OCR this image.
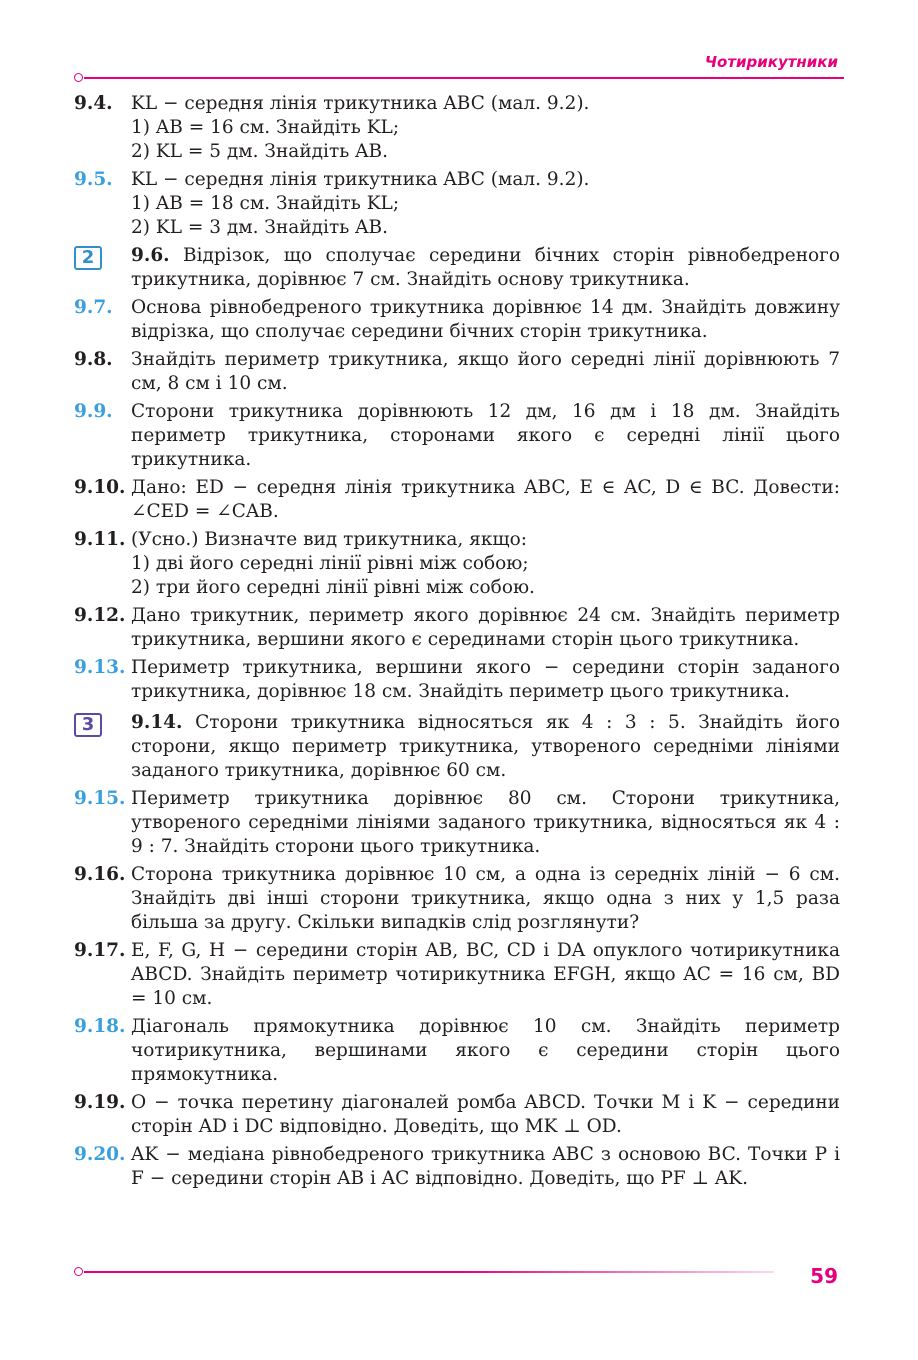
Чотирикутники
9.4. KL − середня лінія трикутника ABC (мал. 9.2).
1) AB = 16 см. Знайдіть KL;
2) KL = 5 дм. Знайдіть AB.
9.5. KL − середня лінія трикутника ABC (мал. 9.2).
1) AB = 18 см. Знайдіть KL;
2) KL = 3 дм. Знайдіть AB.
2	9.6. Відрізок, що сполучає середини бічних сторін рівнобедреного трикутника, дорівнює 7 см. Знайдіть основу трикутника.
9.7. Основа рівнобедреного трикутника дорівнює 14 дм. Знайдіть довжину відрізка, що сполучає середини бічних сторін трикутника.
9.8. Знайдіть периметр трикутника, якщо його середні лінії дорівнюють 7 см, 8 см і 10 см.
9.9. Сторони трикутника дорівнюють 12 дм, 16 дм і 18 дм. Знайдіть периметр трикутника, сторонами якого є середні лінії цього трикутника.
9.10. Дано: ED − середня лінія трикутника ABC, E ∈ AC, D ∈ BC. Довести: ∠CED = ∠CAB.
9.11. (Усно.) Визначте вид трикутника, якщо:
1) дві його середні лінії рівні між собою;
2) три його середні лінії рівні між собою.
9.12. Дано трикутник, периметр якого дорівнює 24 см. Знайдіть периметр трикутника, вершини якого є серединами сторін цього трикутника.
9.13. Периметр трикутника, вершини якого − середини сторін заданого трикутника, дорівнює 18 см. Знайдіть периметр цього трикутника.
3	9.14. Сторони трикутника відносяться як 4 : 3 : 5. Знайдіть його сторони, якщо периметр трикутника, утвореного середніми лініями заданого трикутника, дорівнює 60 см.
9.15. Периметр трикутника дорівнює 80 см. Сторони трикутника, утвореного середніми лініями заданого трикутника, відносяться як 4 : 9 : 7. Знайдіть сторони цього трикутника.
9.16. Сторона трикутника дорівнює 10 см, а одна із середніх ліній − 6 см. Знайдіть дві інші сторони трикутника, якщо одна з них у 1,5 раза більша за другу. Скільки випадків слід розглянути?
9.17. E, F, G, H − середини сторін AB, BC, CD і DA опуклого чотирикутника ABCD. Знайдіть периметр чотирикутника EFGH, якщо AC = 16 см, BD = 10 см.
9.18. Діагональ прямокутника дорівнює 10 см. Знайдіть периметр чотирикутника, вершинами якого є середини сторін цього прямокутника.
9.19. O − точка перетину діагоналей ромба ABCD. Точки M і K − середини сторін AD і DC відповідно. Доведіть, що MK ⊥ OD.
9.20. AK − медіана рівнобедреного трикутника ABC з основою BC. Точки P і F − середини сторін AB і AC відповідно. Доведіть, що PF ⊥ AK.
59
